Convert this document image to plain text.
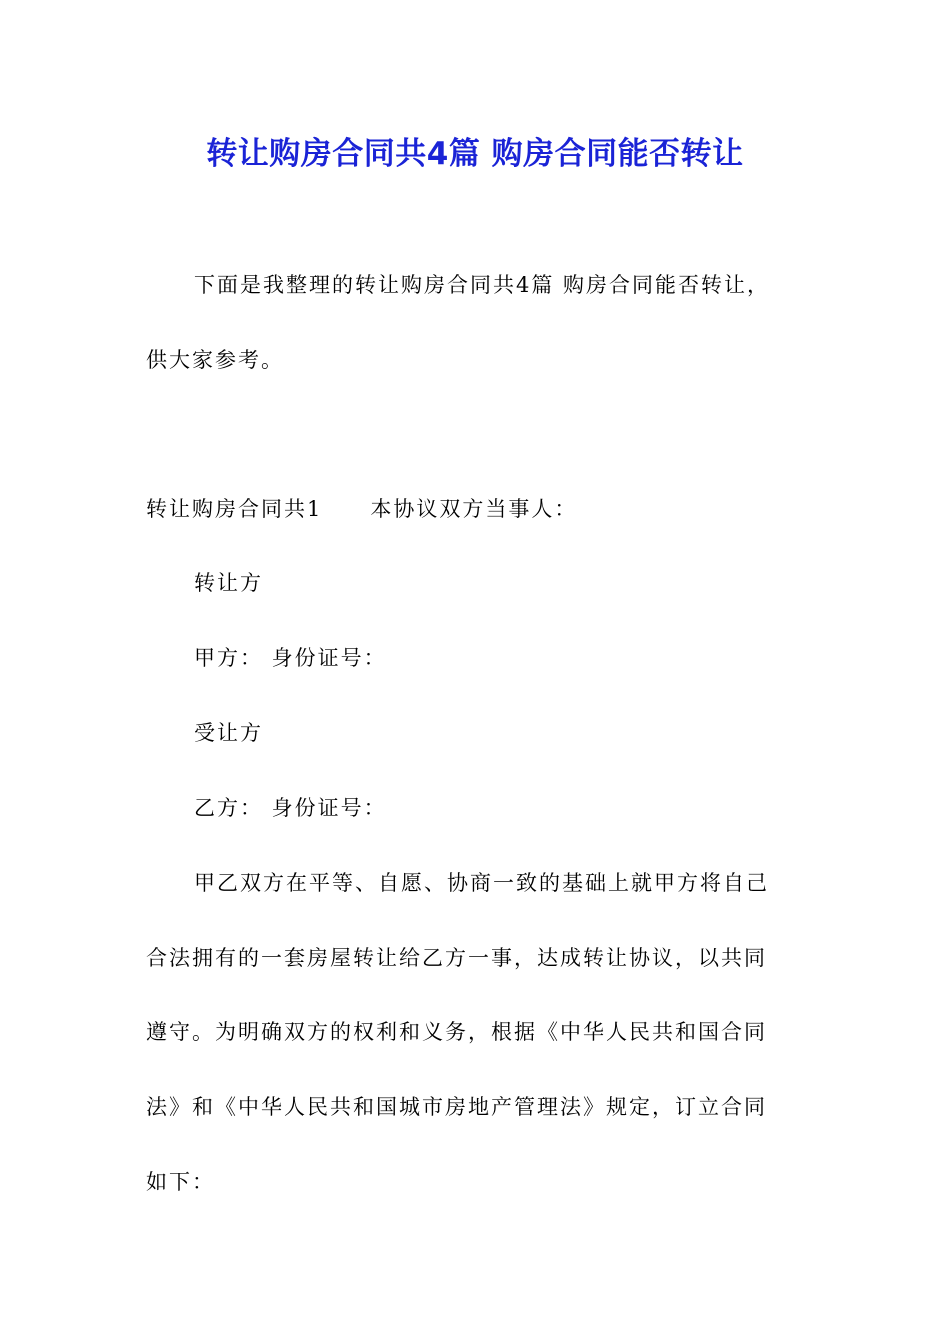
转让购房合同共4篇 购房合同能否转让
下面是我整理的转让购房合同共4篇 购房合同能否转让，
供大家参考。
转让购房合同共1 本协议双方当事人：
转让方
甲方： 身份证号：
受让方
乙方： 身份证号：
甲乙双方在平等、自愿、协商一致的基础上就甲方将自己
合法拥有的一套房屋转让给乙方一事，达成转让协议，以共同
遵守。为明确双方的权利和义务，根据《中华人民共和国合同
法》和《中华人民共和国城市房地产管理法》规定，订立合同
如下：
